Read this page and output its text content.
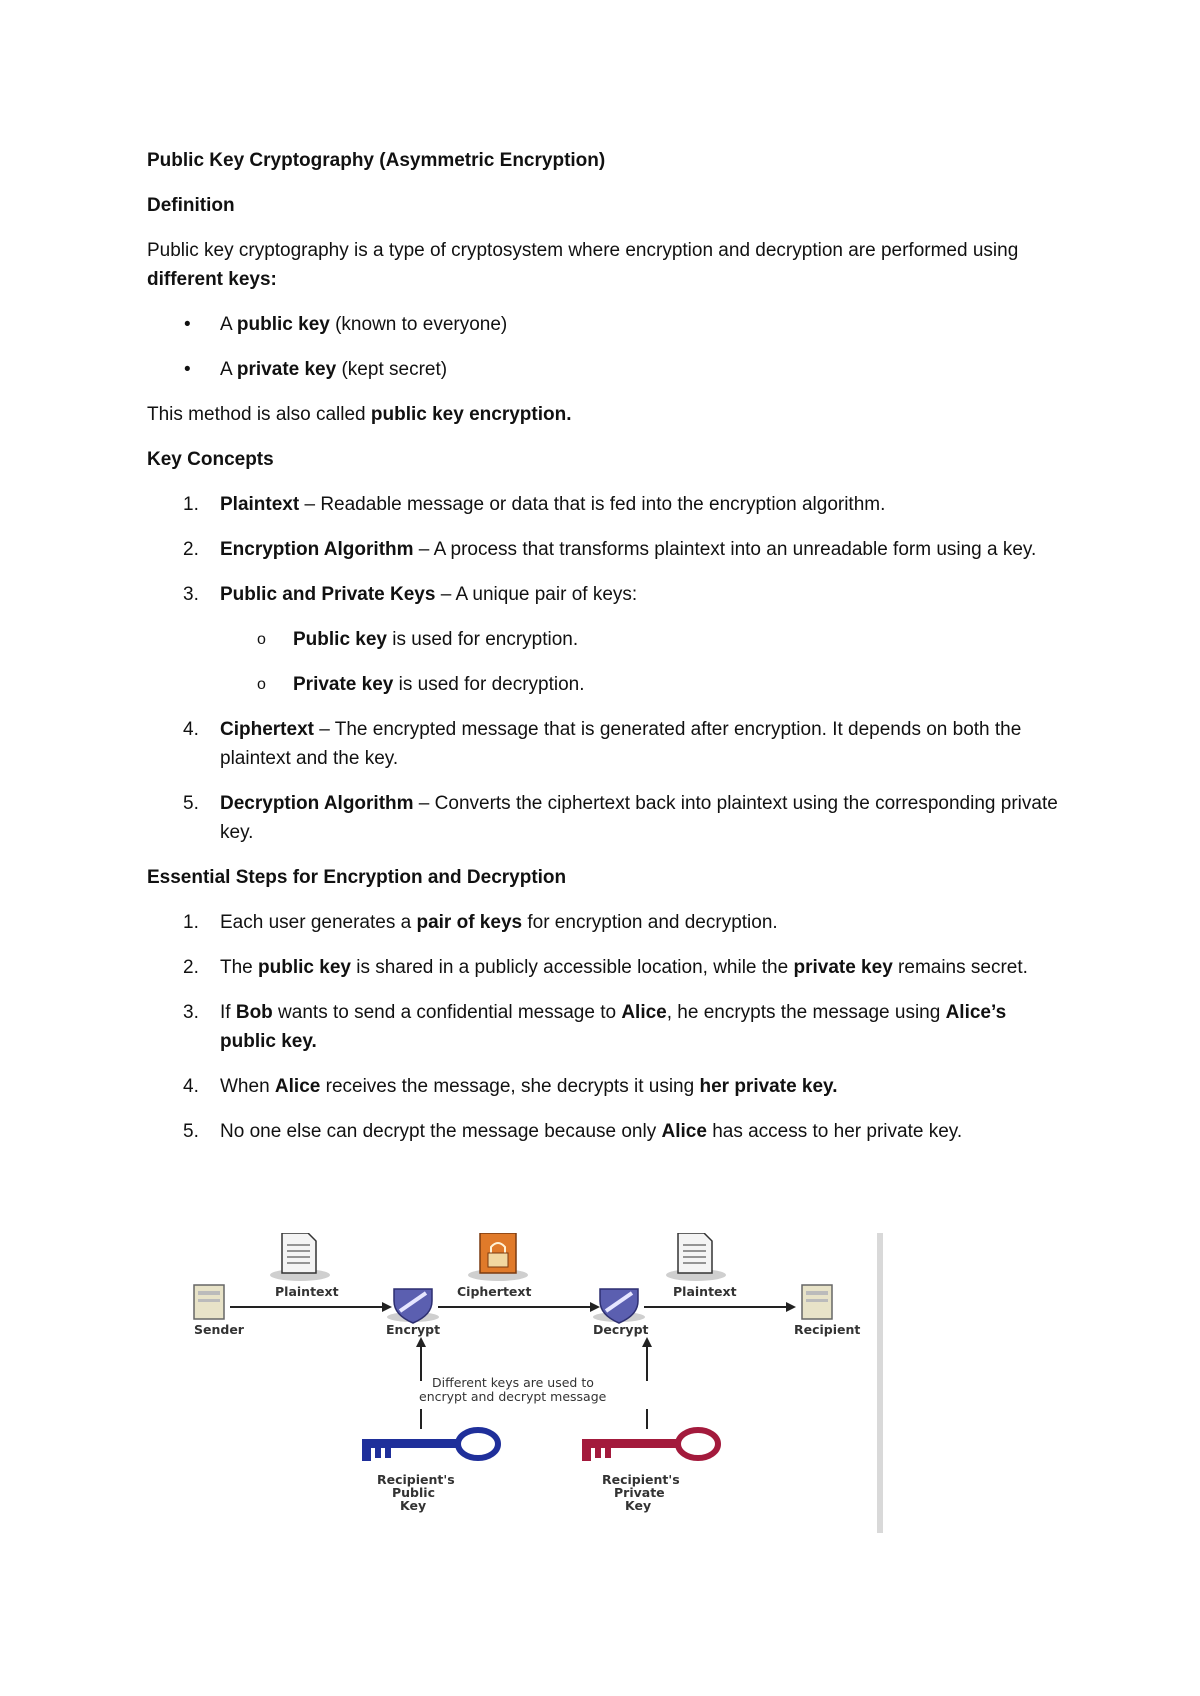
Public Key Cryptography (Asymmetric Encryption)
Definition

Public key cryptography is a type of cryptosystem where encryption and decryption are performed using different keys:

• A public key (known to everyone)
• A private key (kept secret)

This method is also called public key encryption.

Key Concepts
1. Plaintext – Readable message or data that is fed into the encryption algorithm.
2. Encryption Algorithm – A process that transforms plaintext into an unreadable form using a key.
3. Public and Private Keys – A unique pair of keys:
o Public key is used for encryption.
o Private key is used for decryption.
4. Ciphertext – The encrypted message that is generated after encryption. It depends on both the plaintext and the key.
5. Decryption Algorithm – Converts the ciphertext back into plaintext using the corresponding private key.
Essential Steps for Encryption and Decryption
1. Each user generates a pair of keys for encryption and decryption.
2. The public key is shared in a publicly accessible location, while the private key remains secret.
3. If Bob wants to send a confidential message to Alice, he encrypts the message using Alice’s public key.
4. When Alice receives the message, she decrypts it using her private key.
5. No one else can decrypt the message because only Alice has access to her private key.
Sender
Plaintext
Encrypt
Ciphertext
Decrypt
Plaintext
Recipient
Different keys are used to
encrypt and decrypt message
Recipient's
Public
Key
Recipient's
Private
Key
